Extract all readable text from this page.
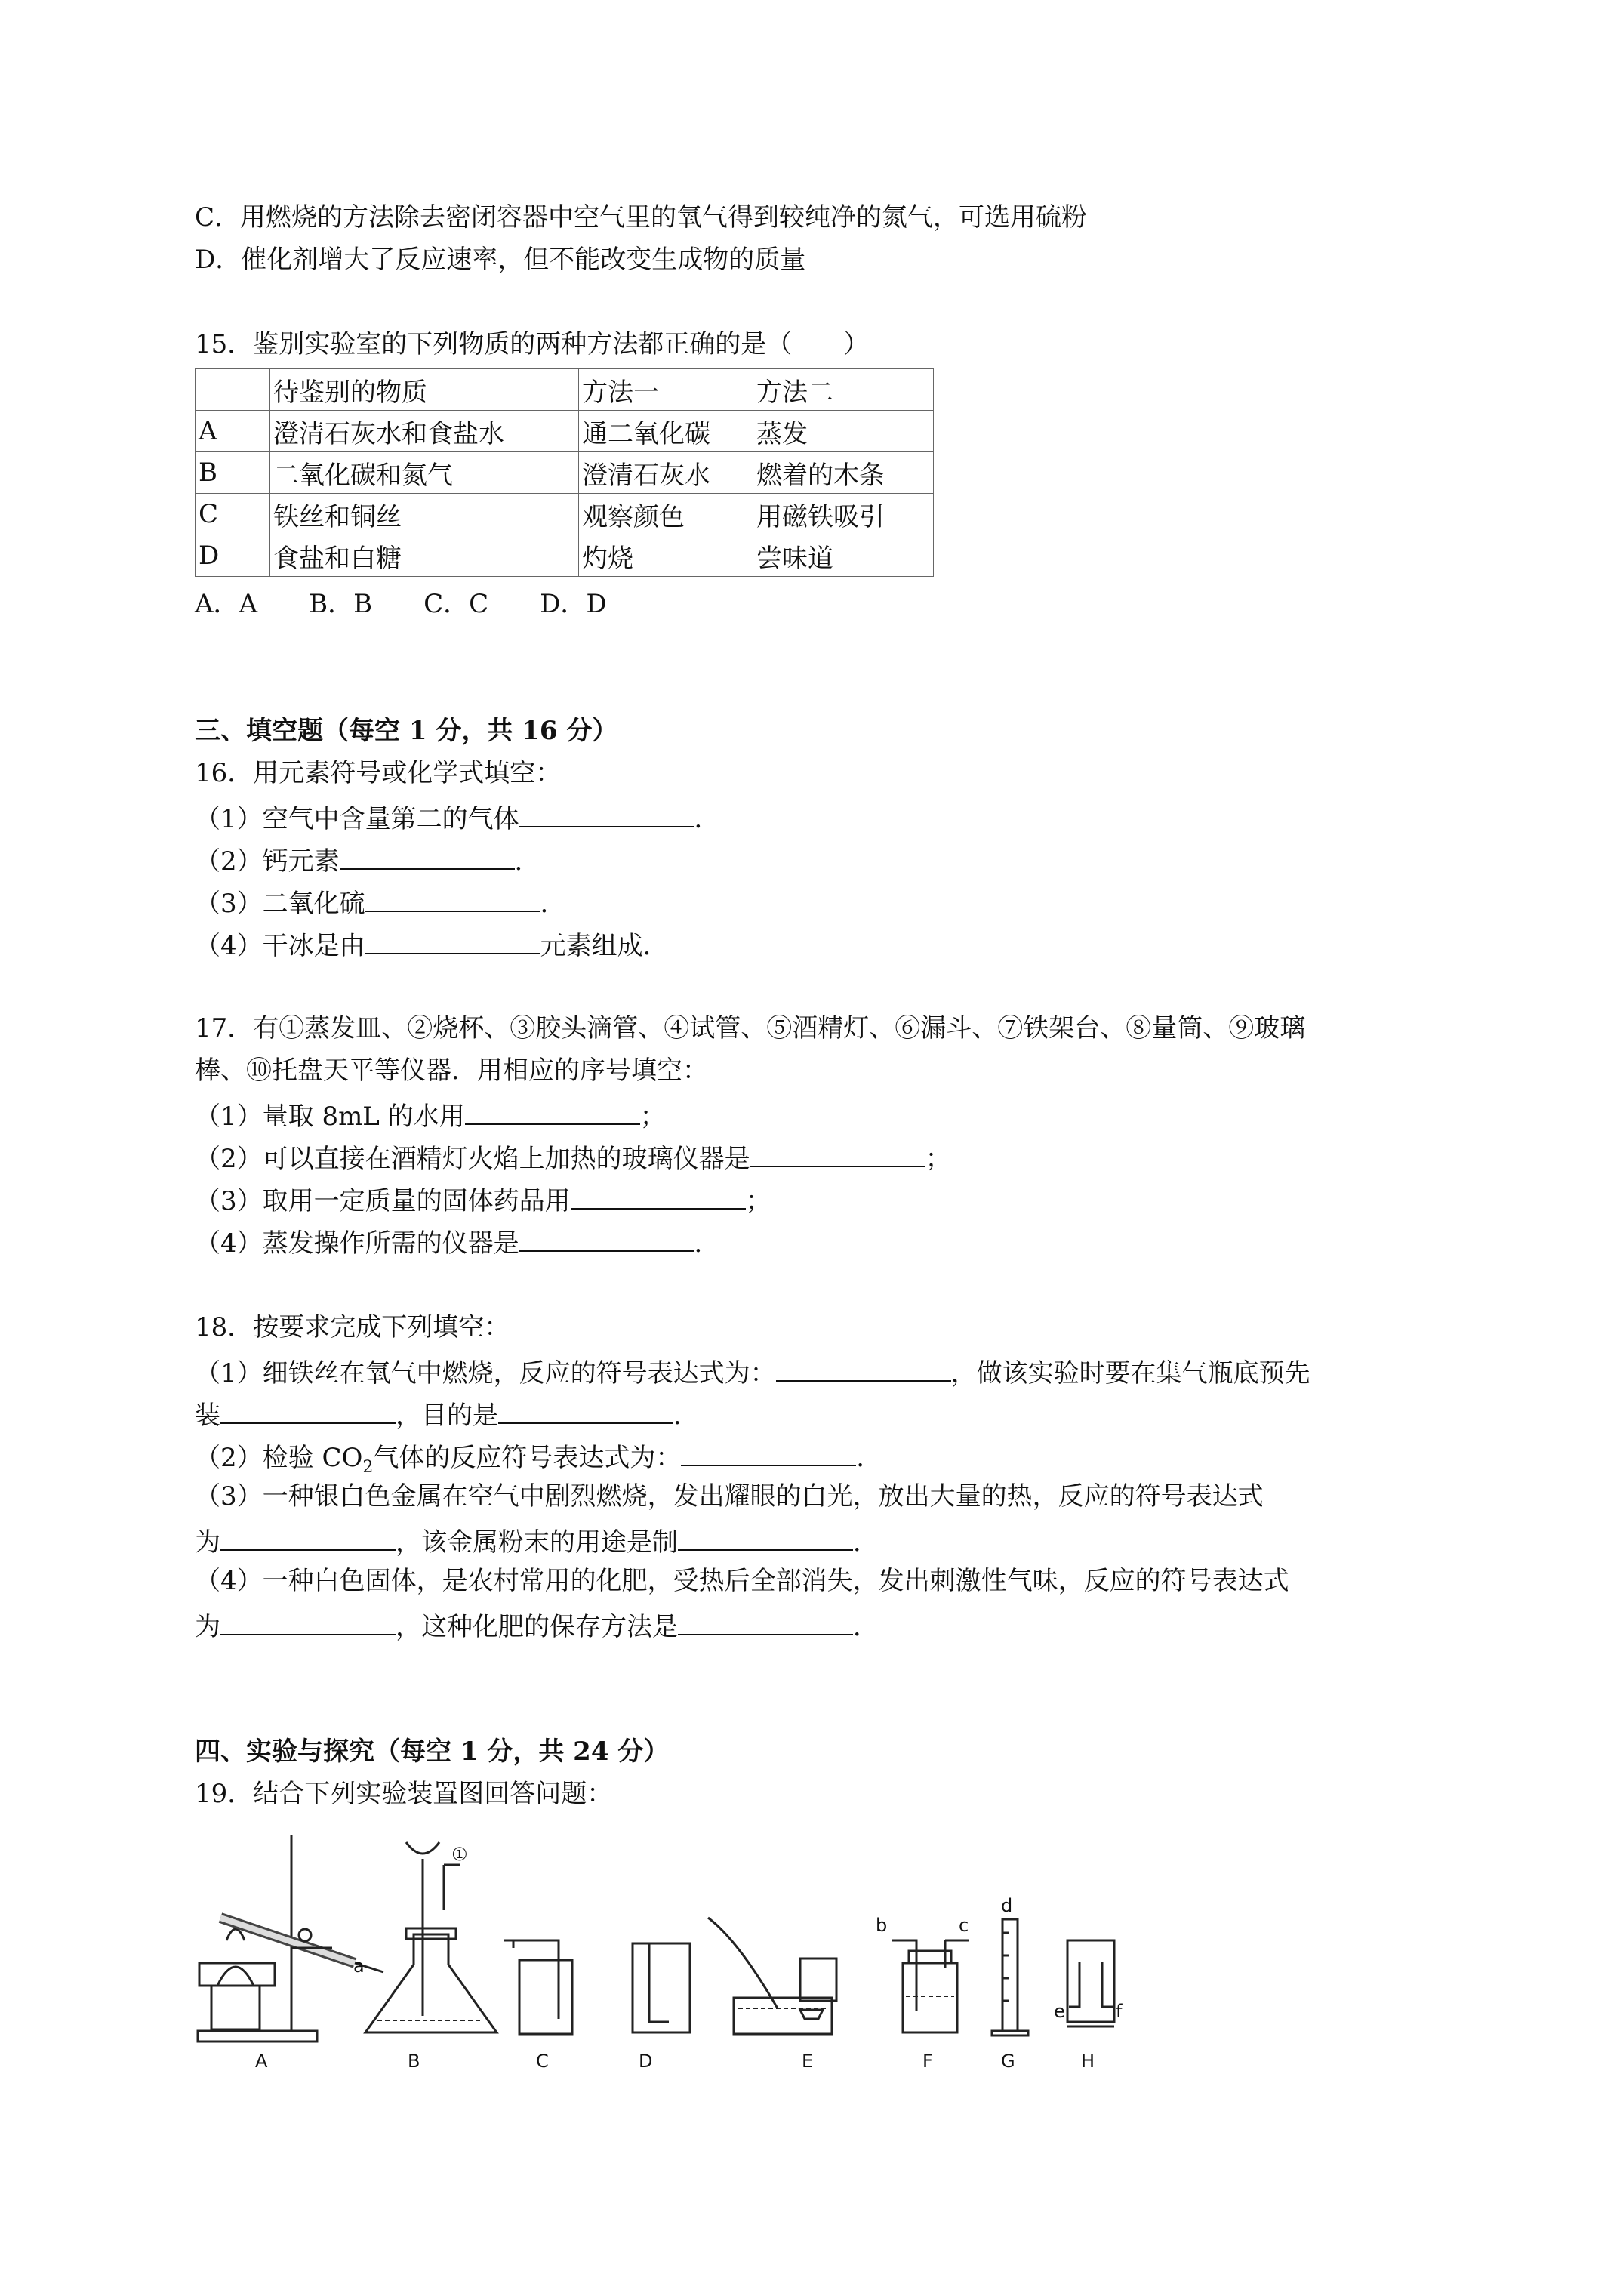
C．用燃烧的方法除去密闭容器中空气里的氧气得到较纯净的氮气，可选用硫粉
D．催化剂增大了反应速率，但不能改变生成物的质量
15．鉴别实验室的下列物质的两种方法都正确的是（　　）
	待鉴别的物质	方法一	方法二
A	澄清石灰水和食盐水	通二氧化碳	蒸发
B	二氧化碳和氮气	澄清石灰水	燃着的木条
C	铁丝和铜丝	观察颜色	用磁铁吸引
D	食盐和白糖	灼烧	尝味道
A．A　　B．B　　C．C　　D．D
三、填空题（每空 1 分，共 16 分）
16．用元素符号或化学式填空：
（1）空气中含量第二的气体	．
（2）钙元素	．
（3）二氧化硫	．
（4）干冰是由	元素组成．
17．有①蒸发皿、②烧杯、③胶头滴管、④试管、⑤酒精灯、⑥漏斗、⑦铁架台、⑧量筒、⑨玻璃
棒、⑩托盘天平等仪器．用相应的序号填空：
（1）量取 8mL 的水用	；
（2）可以直接在酒精灯火焰上加热的玻璃仪器是	；
（3）取用一定质量的固体药品用	；
（4）蒸发操作所需的仪器是	．
18．按要求完成下列填空：
（1）细铁丝在氧气中燃烧，反应的符号表达式为：	，做该实验时要在集气瓶底预先
装	，目的是	．
（2）检验 $CO_2$气体的反应符号表达式为：	．
（3）一种银白色金属在空气中剧烈燃烧，发出耀眼的白光，放出大量的热，反应的符号表达式
为	，该金属粉末的用途是制	．
（4）一种白色固体，是农村常用的化肥，受热后全部消失，发出刺激性气味，反应的符号表达式
为	，这种化肥的保存方法是	．
四、实验与探究（每空 1 分，共 24 分）
19．结合下列实验装置图回答问题：
a
①
b	c
d
e	f
A	B	C	D	E	F	G	H
